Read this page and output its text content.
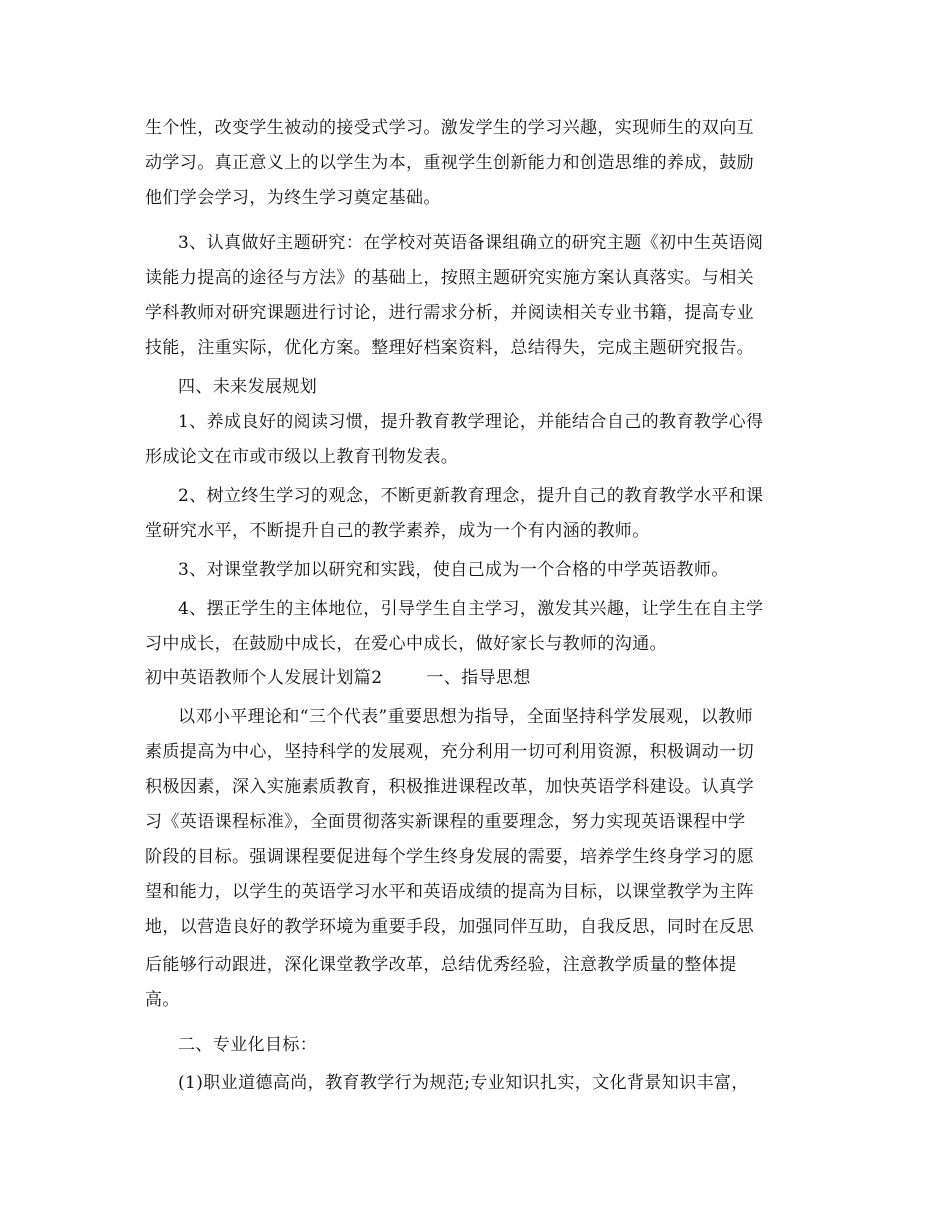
生个性，改变学生被动的接受式学习。激发学生的学习兴趣，实现师生的双向互
动学习。真正意义上的以学生为本，重视学生创新能力和创造思维的养成，鼓励
他们学会学习，为终生学习奠定基础。
3、认真做好主题研究：在学校对英语备课组确立的研究主题《初中生英语阅
读能力提高的途径与方法》的基础上，按照主题研究实施方案认真落实。与相关
学科教师对研究课题进行讨论，进行需求分析，并阅读相关专业书籍，提高专业
技能，注重实际，优化方案。整理好档案资料，总结得失，完成主题研究报告。
四、未来发展规划
1、养成良好的阅读习惯，提升教育教学理论，并能结合自己的教育教学心得
形成论文在市或市级以上教育刊物发表。
2、树立终生学习的观念，不断更新教育理念，提升自己的教育教学水平和课
堂研究水平，不断提升自己的教学素养，成为一个有内涵的教师。
3、对课堂教学加以研究和实践，使自己成为一个合格的中学英语教师。
4、摆正学生的主体地位，引导学生自主学习，激发其兴趣，让学生在自主学
习中成长，在鼓励中成长，在爱心中成长，做好家长与教师的沟通。
初中英语教师个人发展计划篇2	一、指导思想
以邓小平理论和“三个代表”重要思想为指导，全面坚持科学发展观，以教师
素质提高为中心，坚持科学的发展观，充分利用一切可利用资源，积极调动一切
积极因素，深入实施素质教育，积极推进课程改革，加快英语学科建设。认真学
习《英语课程标准》，全面贯彻落实新课程的重要理念，努力实现英语课程中学
阶段的目标。强调课程要促进每个学生终身发展的需要，培养学生终身学习的愿
望和能力，以学生的英语学习水平和英语成绩的提高为目标，以课堂教学为主阵
地，以营造良好的教学环境为重要手段，加强同伴互助，自我反思，同时在反思
后能够行动跟进，深化课堂教学改革，总结优秀经验，注意教学质量的整体提
高。
二、专业化目标：
(1)职业道德高尚，教育教学行为规范;专业知识扎实，文化背景知识丰富，
